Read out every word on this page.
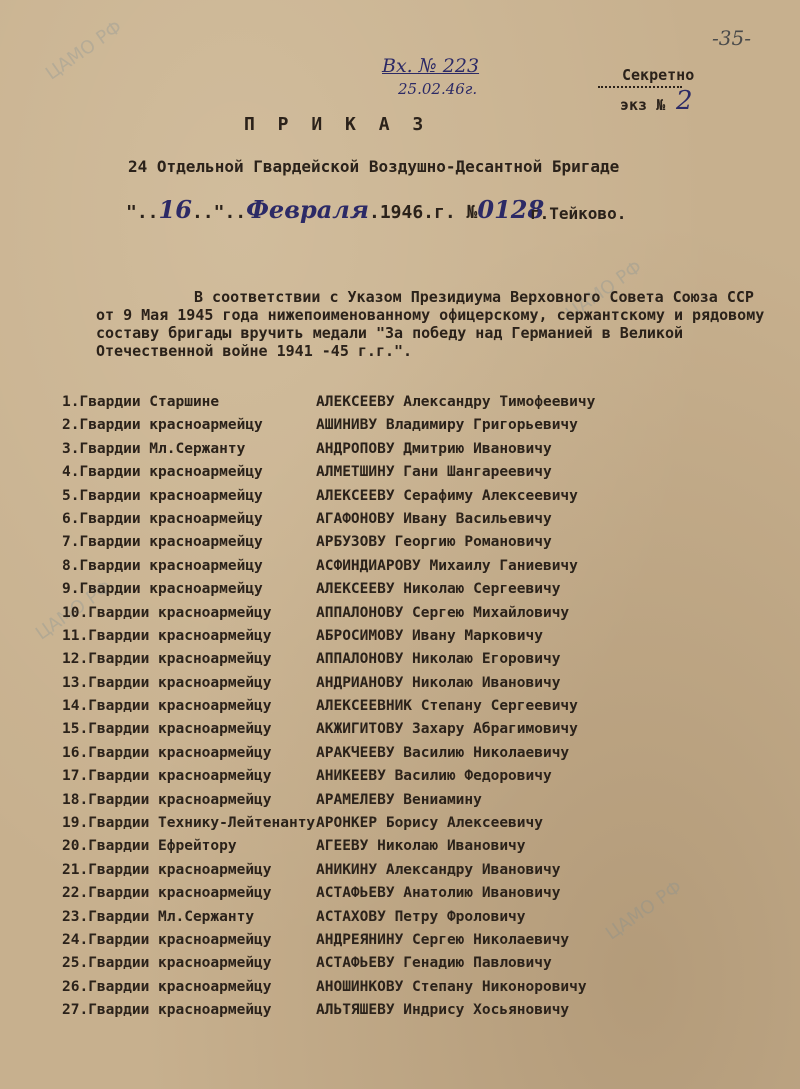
ЦАМО РФ
ЦАМО РФ
ЦАМО РФ
ЦАМО РФ
-35-
Вх. № 223
25.02.46г.
Секретно
экз № 2
П Р И К А З
24 Отдельной Гвардейской Воздушно-Десантной Бригаде
"..16.."..Февраля.1946.г. №0128
г.Тейково.
В соответствии с Указом Президиума Верховного Совета Союза ССР от 9 Мая 1945 года нижепоименованному офицерскому, сержантскому и рядовому составу бригады вручить медали "За победу над Германией в Великой Отечественной войне 1941 -45 г.г.".
1.Гвардии Старшине	АЛЕКСЕЕВУ Александру Тимофеевичу
2.Гвардии красноармейцу	АШИНИВУ Владимиру Григорьевичу
3.Гвардии Мл.Сержанту	АНДРОПОВУ Дмитрию Ивановичу
4.Гвардии красноармейцу	АЛМЕТШИНУ Гани Шангареевичу
5.Гвардии красноармейцу	АЛЕКСЕЕВУ Серафиму Алексеевичу
6.Гвардии красноармейцу	АГАФОНОВУ Ивану Васильевичу
7.Гвардии красноармейцу	АРБУЗОВУ Георгию Романовичу
8.Гвардии красноармейцу	АСФИНДИАРОВУ Михаилу Ганиевичу
9.Гвардии красноармейцу	АЛЕКСЕЕВУ Николаю Сергеевичу
10.Гвардии красноармейцу	АППАЛОНОВУ Сергею Михайловичу
11.Гвардии красноармейцу	АБРОСИМОВУ Ивану Марковичу
12.Гвардии красноармейцу	АППАЛОНОВУ Николаю Егоровичу
13.Гвардии красноармейцу	АНДРИАНОВУ Николаю Ивановичу
14.Гвардии красноармейцу	АЛЕКСЕЕВНИК Степану Сергеевичу
15.Гвардии красноармейцу	АКЖИГИТОВУ Захару Абрагимовичу
16.Гвардии красноармейцу	АРАКЧЕЕВУ Василию Николаевичу
17.Гвардии красноармейцу	АНИКЕЕВУ Василию Федоровичу
18.Гвардии красноармейцу	АРАМЕЛЕВУ Вениамину
19.Гвардии Технику-Лейтенанту АРОНКЕР Борису Алексеевичу
20.Гвардии Ефрейтору	АГЕЕВУ Николаю Ивановичу
21.Гвардии красноармейцу	АНИКИНУ Александру Ивановичу
22.Гвардии красноармейцу	АСТАФЬЕВУ Анатолию Ивановичу
23.Гвардии Мл.Сержанту	АСТАХОВУ Петру Фроловичу
24.Гвардии красноармейцу	АНДРЕЯНИНУ Сергею Николаевичу
25.Гвардии красноармейцу	АСТАФЬЕВУ Генадию Павловичу
26.Гвардии красноармейцу	АНОШИНКОВУ Степану Никоноровичу
27.Гвардии красноармейцу	АЛЬТЯШЕВУ Индрису Хосьяновичу
